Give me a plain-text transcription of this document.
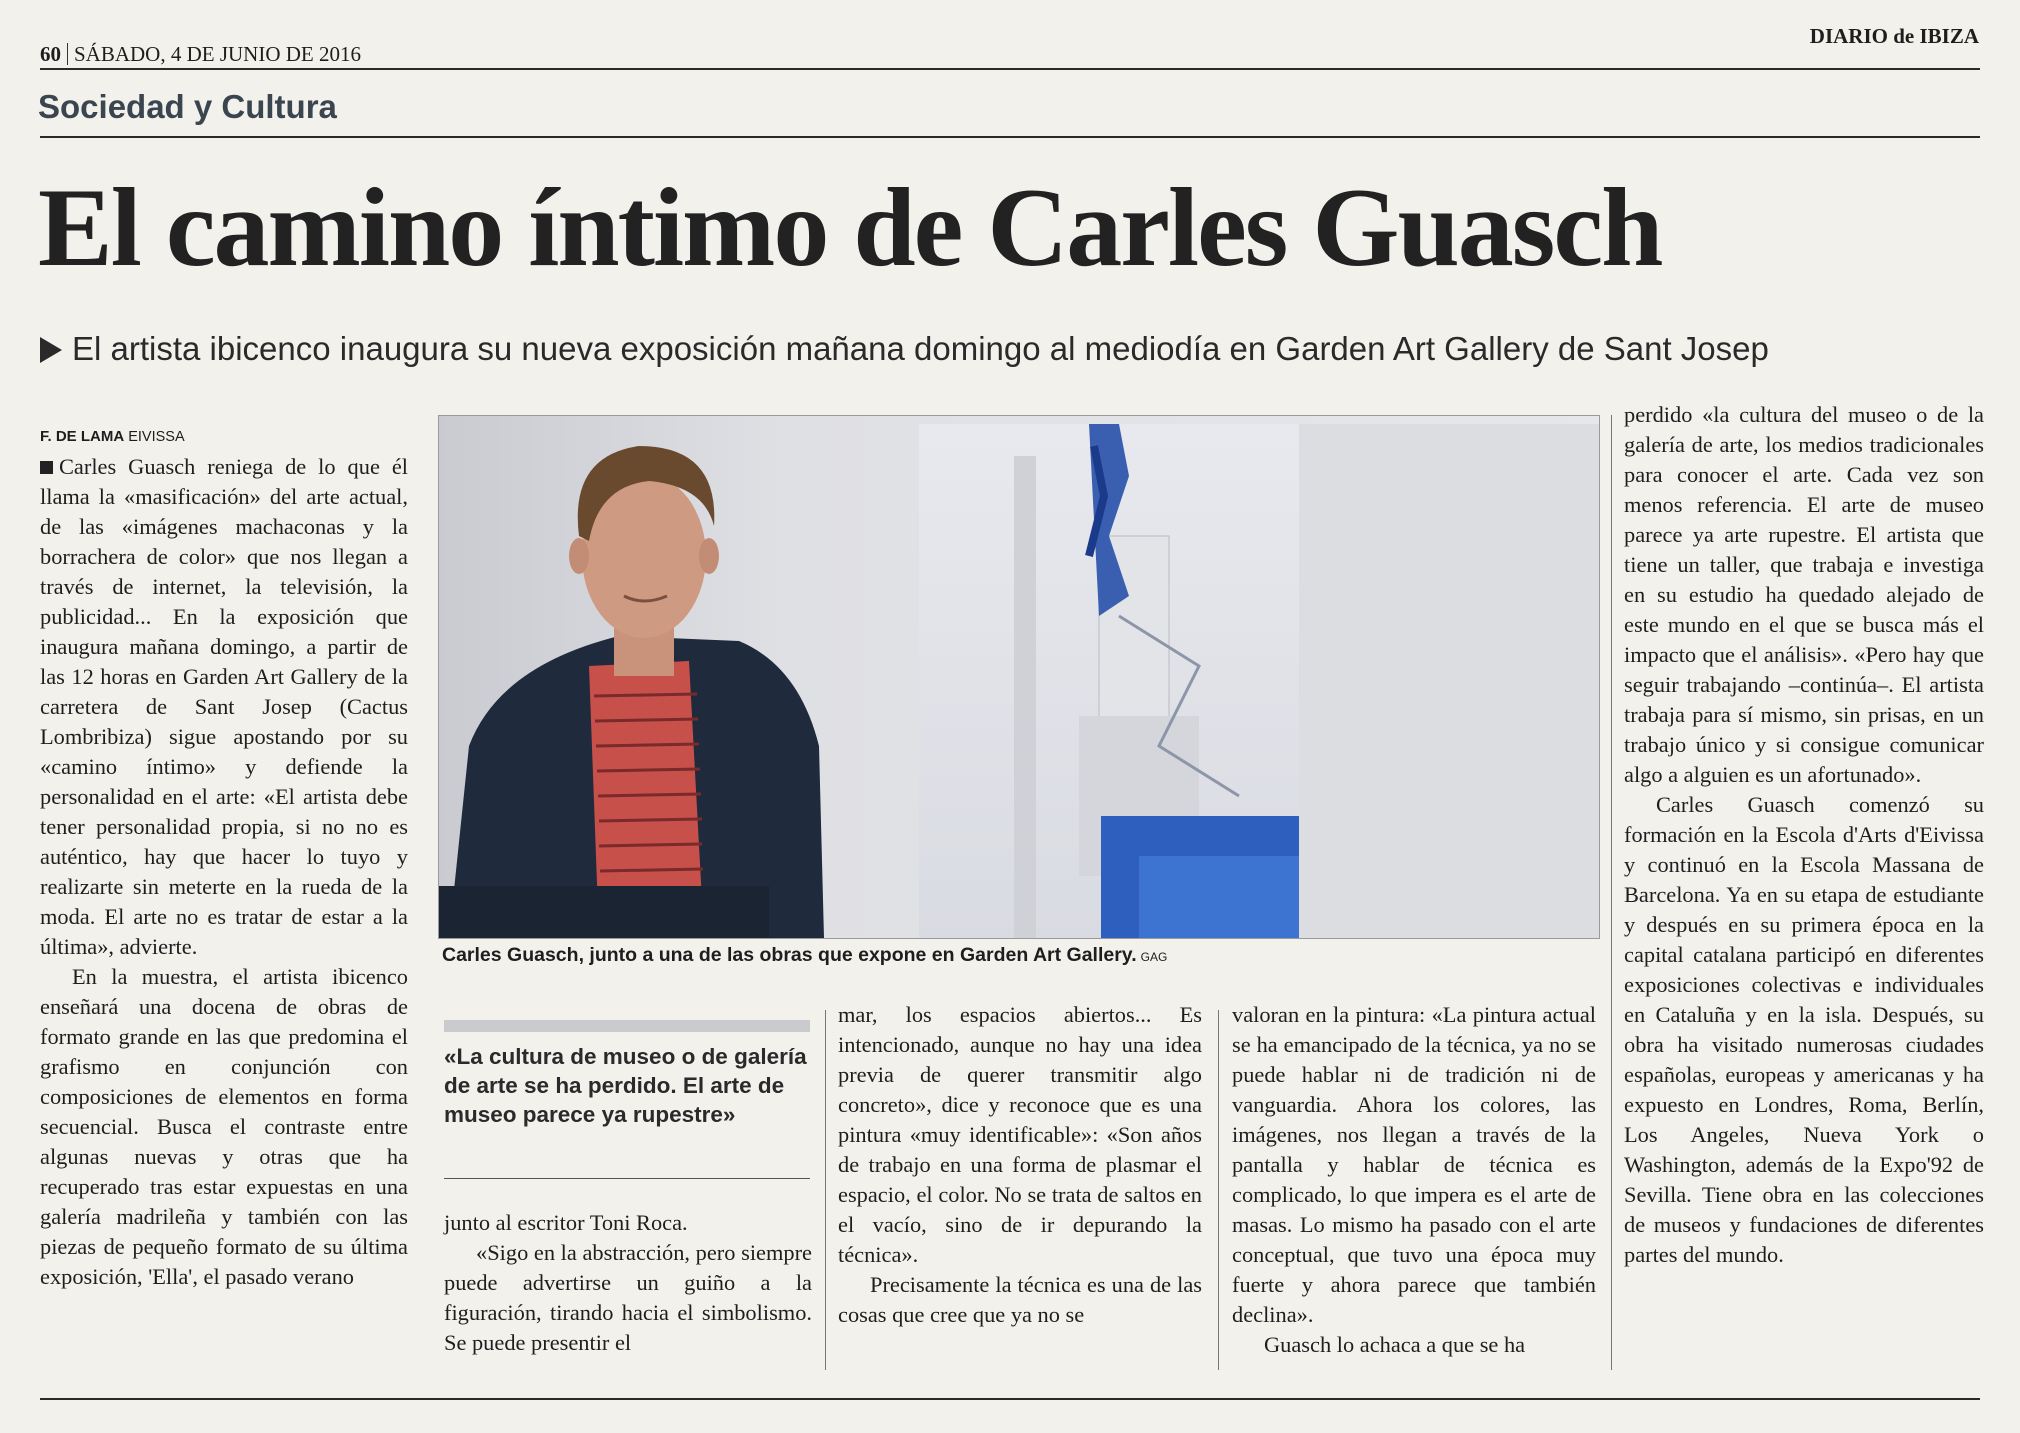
60 SÁBADO, 4 DE JUNIO DE 2016
DIARIO de IBIZA
Sociedad y Cultura
El camino íntimo de Carles Guasch
El artista ibicenco inaugura su nueva exposición mañana domingo al mediodía en Garden Art Gallery de Sant Josep
F. DE LAMA EIVISSA

Carles Guasch reniega de lo que él llama la «masificación» del arte actual, de las «imágenes machaconas y la borrachera de color» que nos llegan a través de internet, la televisión, la publicidad... En la exposición que inaugura mañana domingo, a partir de las 12 horas en Garden Art Gallery de la carretera de Sant Josep (Cactus Lombribiza) sigue apostando por su «camino íntimo» y defiende la personalidad en el arte: «El artista debe tener personalidad propia, si no no es auténtico, hay que hacer lo tuyo y realizarte sin meterte en la rueda de la moda. El arte no es tratar de estar a la última», advierte.

En la muestra, el artista ibicenco enseñará una docena de obras de formato grande en las que predomina el grafismo en conjunción con composiciones de elementos en forma secuencial. Busca el contraste entre algunas nuevas y otras que ha recuperado tras estar expuestas en una galería madrileña y también con las piezas de pequeño formato de su última exposición, 'Ella', el pasado verano

Carles Guasch, junto a una de las obras que expone en Garden Art Gallery. GAG
«La cultura de museo o de galería de arte se ha perdido. El arte de museo parece ya rupestre»

junto al escritor Toni Roca.

«Sigo en la abstracción, pero siempre puede advertirse un guiño a la figuración, tirando hacia el simbolismo. Se puede presentir el

mar, los espacios abiertos... Es intencionado, aunque no hay una idea previa de querer transmitir algo concreto», dice y reconoce que es una pintura «muy identificable»: «Son años de trabajo en una forma de plasmar el espacio, el color. No se trata de saltos en el vacío, sino de ir depurando la técnica».

Precisamente la técnica es una de las cosas que cree que ya no se

valoran en la pintura: «La pintura actual se ha emancipado de la técnica, ya no se puede hablar ni de tradición ni de vanguardia. Ahora los colores, las imágenes, nos llegan a través de la pantalla y hablar de técnica es complicado, lo que impera es el arte de masas. Lo mismo ha pasado con el arte conceptual, que tuvo una época muy fuerte y ahora parece que también declina».

Guasch lo achaca a que se ha

perdido «la cultura del museo o de la galería de arte, los medios tradicionales para conocer el arte. Cada vez son menos referencia. El arte de museo parece ya arte rupestre. El artista que tiene un taller, que trabaja e investiga en su estudio ha quedado alejado de este mundo en el que se busca más el impacto que el análisis». «Pero hay que seguir trabajando –continúa–. El artista trabaja para sí mismo, sin prisas, en un trabajo único y si consigue comunicar algo a alguien es un afortunado».

Carles Guasch comenzó su formación en la Escola d'Arts d'Eivissa y continuó en la Escola Massana de Barcelona. Ya en su etapa de estudiante y después en su primera época en la capital catalana participó en diferentes exposiciones colectivas e individuales en Cataluña y en la isla. Después, su obra ha visitado numerosas ciudades españolas, europeas y americanas y ha expuesto en Londres, Roma, Berlín, Los Angeles, Nueva York o Washington, además de la Expo'92 de Sevilla. Tiene obra en las colecciones de museos y fundaciones de diferentes partes del mundo.
